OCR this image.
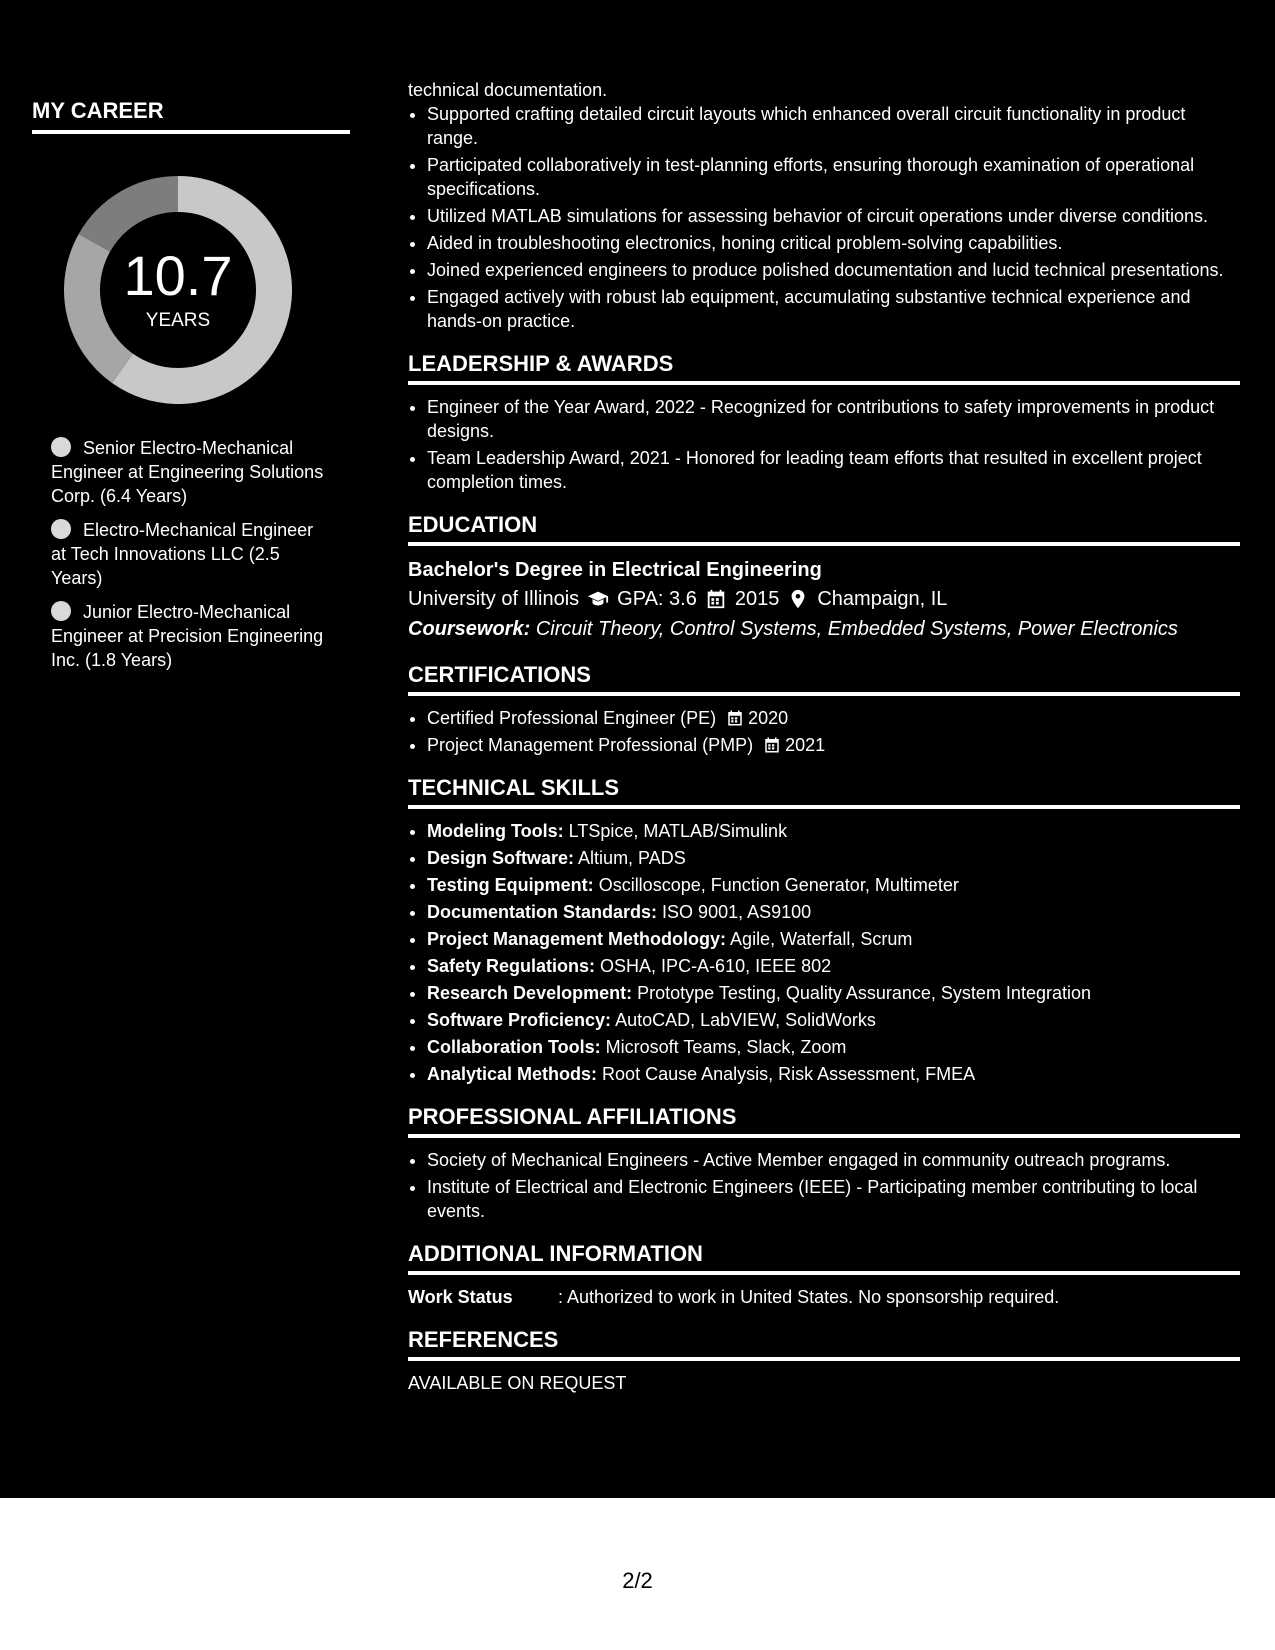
MY CAREER
10.7
YEARS
Senior Electro-Mechanical Engineer at Engineering Solutions Corp. (6.4 Years)
Electro-Mechanical Engineer at Tech Innovations LLC (2.5 Years)
Junior Electro-Mechanical Engineer at Precision Engineering Inc. (1.8 Years)
technical documentation.
• Supported crafting detailed circuit layouts which enhanced overall circuit functionality in product range.
• Participated collaboratively in test-planning efforts, ensuring thorough examination of operational specifications.
• Utilized MATLAB simulations for assessing behavior of circuit operations under diverse conditions.
• Aided in troubleshooting electronics, honing critical problem-solving capabilities.
• Joined experienced engineers to produce polished documentation and lucid technical presentations.
• Engaged actively with robust lab equipment, accumulating substantive technical experience and hands-on practice.
LEADERSHIP & AWARDS
• Engineer of the Year Award, 2022 - Recognized for contributions to safety improvements in product designs.
• Team Leadership Award, 2021 - Honored for leading team efforts that resulted in excellent project completion times.
EDUCATION
Bachelor's Degree in Electrical Engineering
University of Illinois GPA: 3.6 2015 Champaign, IL
Coursework: Circuit Theory, Control Systems, Embedded Systems, Power Electronics
CERTIFICATIONS
• Certified Professional Engineer (PE) 2020
• Project Management Professional (PMP) 2021
TECHNICAL SKILLS
• Modeling Tools: LTSpice, MATLAB/Simulink
• Design Software: Altium, PADS
• Testing Equipment: Oscilloscope, Function Generator, Multimeter
• Documentation Standards: ISO 9001, AS9100
• Project Management Methodology: Agile, Waterfall, Scrum
• Safety Regulations: OSHA, IPC-A-610, IEEE 802
• Research Development: Prototype Testing, Quality Assurance, System Integration
• Software Proficiency: AutoCAD, LabVIEW, SolidWorks
• Collaboration Tools: Microsoft Teams, Slack, Zoom
• Analytical Methods: Root Cause Analysis, Risk Assessment, FMEA
PROFESSIONAL AFFILIATIONS
• Society of Mechanical Engineers - Active Member engaged in community outreach programs.
• Institute of Electrical and Electronic Engineers (IEEE) - Participating member contributing to local events.
ADDITIONAL INFORMATION
Work Status	: Authorized to work in United States. No sponsorship required.
REFERENCES
AVAILABLE ON REQUEST
2/2
